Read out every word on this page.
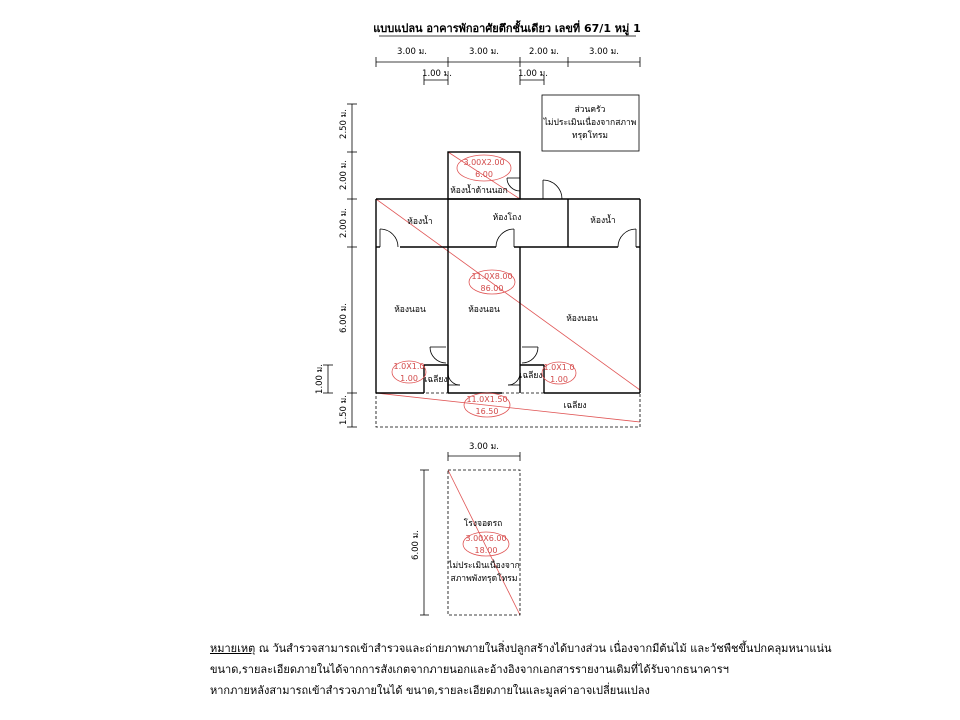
แบบแปลน อาคารพักอาศัยตึกชั้นเดียว เลขที่ 67/1 หมู่ 1
3.00 ม.	3.00 ม.	2.00 ม.	3.00 ม.
1.00 ม.	1.00 ม.
2.50 ม.
2.00 ม.
2.00 ม.
6.00 ม.
1.00 ม.
1.50 ม.
ส่วนครัว
ไม่ประเมินเนื่องจากสภาพ
ทรุดโทรม
ห้องน้ำด้านนอก
ห้องน้ำ	ห้องโถง	ห้องน้ำ
ห้องนอน	ห้องนอน
ห้องนอน
เฉลียง	เฉลียง
เฉลียง
3.00X2.00
6.00
11.0X8.00
86.00
1.0X1.0
1.00
1.0X1.0
1.00
11.0X1.50
16.50
3.00 ม.
6.00 ม.
โรงจอดรถ
3.00X6.00
18.00
ไม่ประเมินเนื่องจาก
สภาพพังทรุดโทรม
หมายเหตุ ณ วันสำรวจสามารถเข้าสำรวจและถ่ายภาพภายในสิ่งปลูกสร้างได้บางส่วน เนื่องจากมีต้นไม้ และวัชพืชขึ้นปกคลุมหนาแน่น
ขนาด,รายละเอียดภายในได้จากการสังเกตจากภายนอกและอ้างอิงจากเอกสารรายงานเดิมที่ได้รับจากธนาคารฯ
หากภายหลังสามารถเข้าสำรวจภายในได้ ขนาด,รายละเอียดภายในและมูลค่าอาจเปลี่ยนแปลง
